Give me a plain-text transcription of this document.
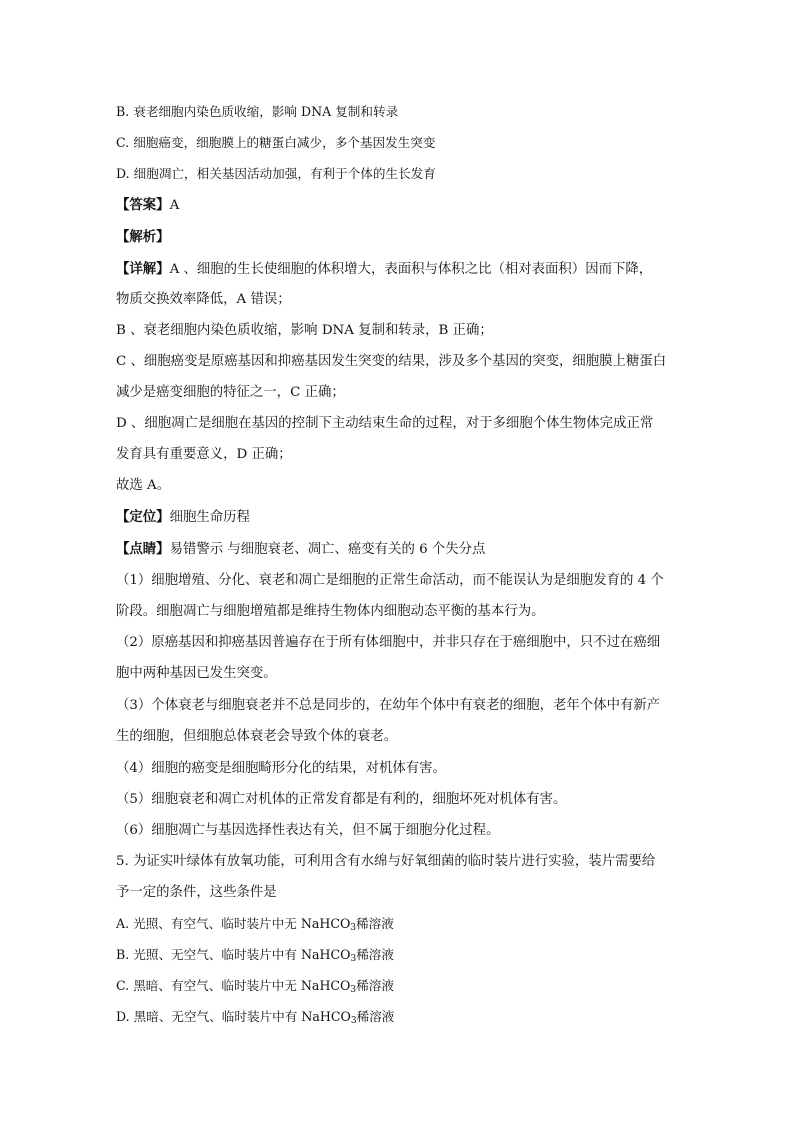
B. 衰老细胞内染色质收缩，影响 DNA 复制和转录
C. 细胞癌变，细胞膜上的糖蛋白减少，多个基因发生突变
D. 细胞凋亡，相关基因活动加强，有利于个体的生长发育
【答案】A
【解析】
【详解】A 、细胞的生长使细胞的体积增大，表面积与体积之比（相对表面积）因而下降，
物质交换效率降低，A 错误；
B 、衰老细胞内染色质收缩，影响 DNA 复制和转录，B 正确；
C 、细胞癌变是原癌基因和抑癌基因发生突变的结果，涉及多个基因的突变，细胞膜上糖蛋白
减少是癌变细胞的特征之一，C 正确；
D 、细胞凋亡是细胞在基因的控制下主动结束生命的过程，对于多细胞个体生物体完成正常
发育具有重要意义，D 正确；
故选 A。
【定位】细胞生命历程
【点睛】易错警示 与细胞衰老、凋亡、癌变有关的 6 个失分点
（1）细胞增殖、分化、衰老和凋亡是细胞的正常生命活动，而不能误认为是细胞发育的 4 个
阶段。细胞凋亡与细胞增殖都是维持生物体内细胞动态平衡的基本行为。
（2）原癌基因和抑癌基因普遍存在于所有体细胞中，并非只存在于癌细胞中，只不过在癌细
胞中两种基因已发生突变。
（3）个体衰老与细胞衰老并不总是同步的，在幼年个体中有衰老的细胞，老年个体中有新产
生的细胞，但细胞总体衰老会导致个体的衰老。
（4）细胞的癌变是细胞畸形分化的结果，对机体有害。
（5）细胞衰老和凋亡对机体的正常发育都是有利的，细胞坏死对机体有害。
（6）细胞凋亡与基因选择性表达有关，但不属于细胞分化过程。
5. 为证实叶绿体有放氧功能，可利用含有水绵与好氧细菌的临时装片进行实验，装片需要给
予一定的条件，这些条件是
A. 光照、有空气、临时装片中无 NaHCO$_3$稀溶液
B. 光照、无空气、临时装片中有 NaHCO$_3$稀溶液
C. 黑暗、有空气、临时装片中无 NaHCO$_3$稀溶液
D. 黑暗、无空气、临时装片中有 NaHCO$_3$稀溶液
